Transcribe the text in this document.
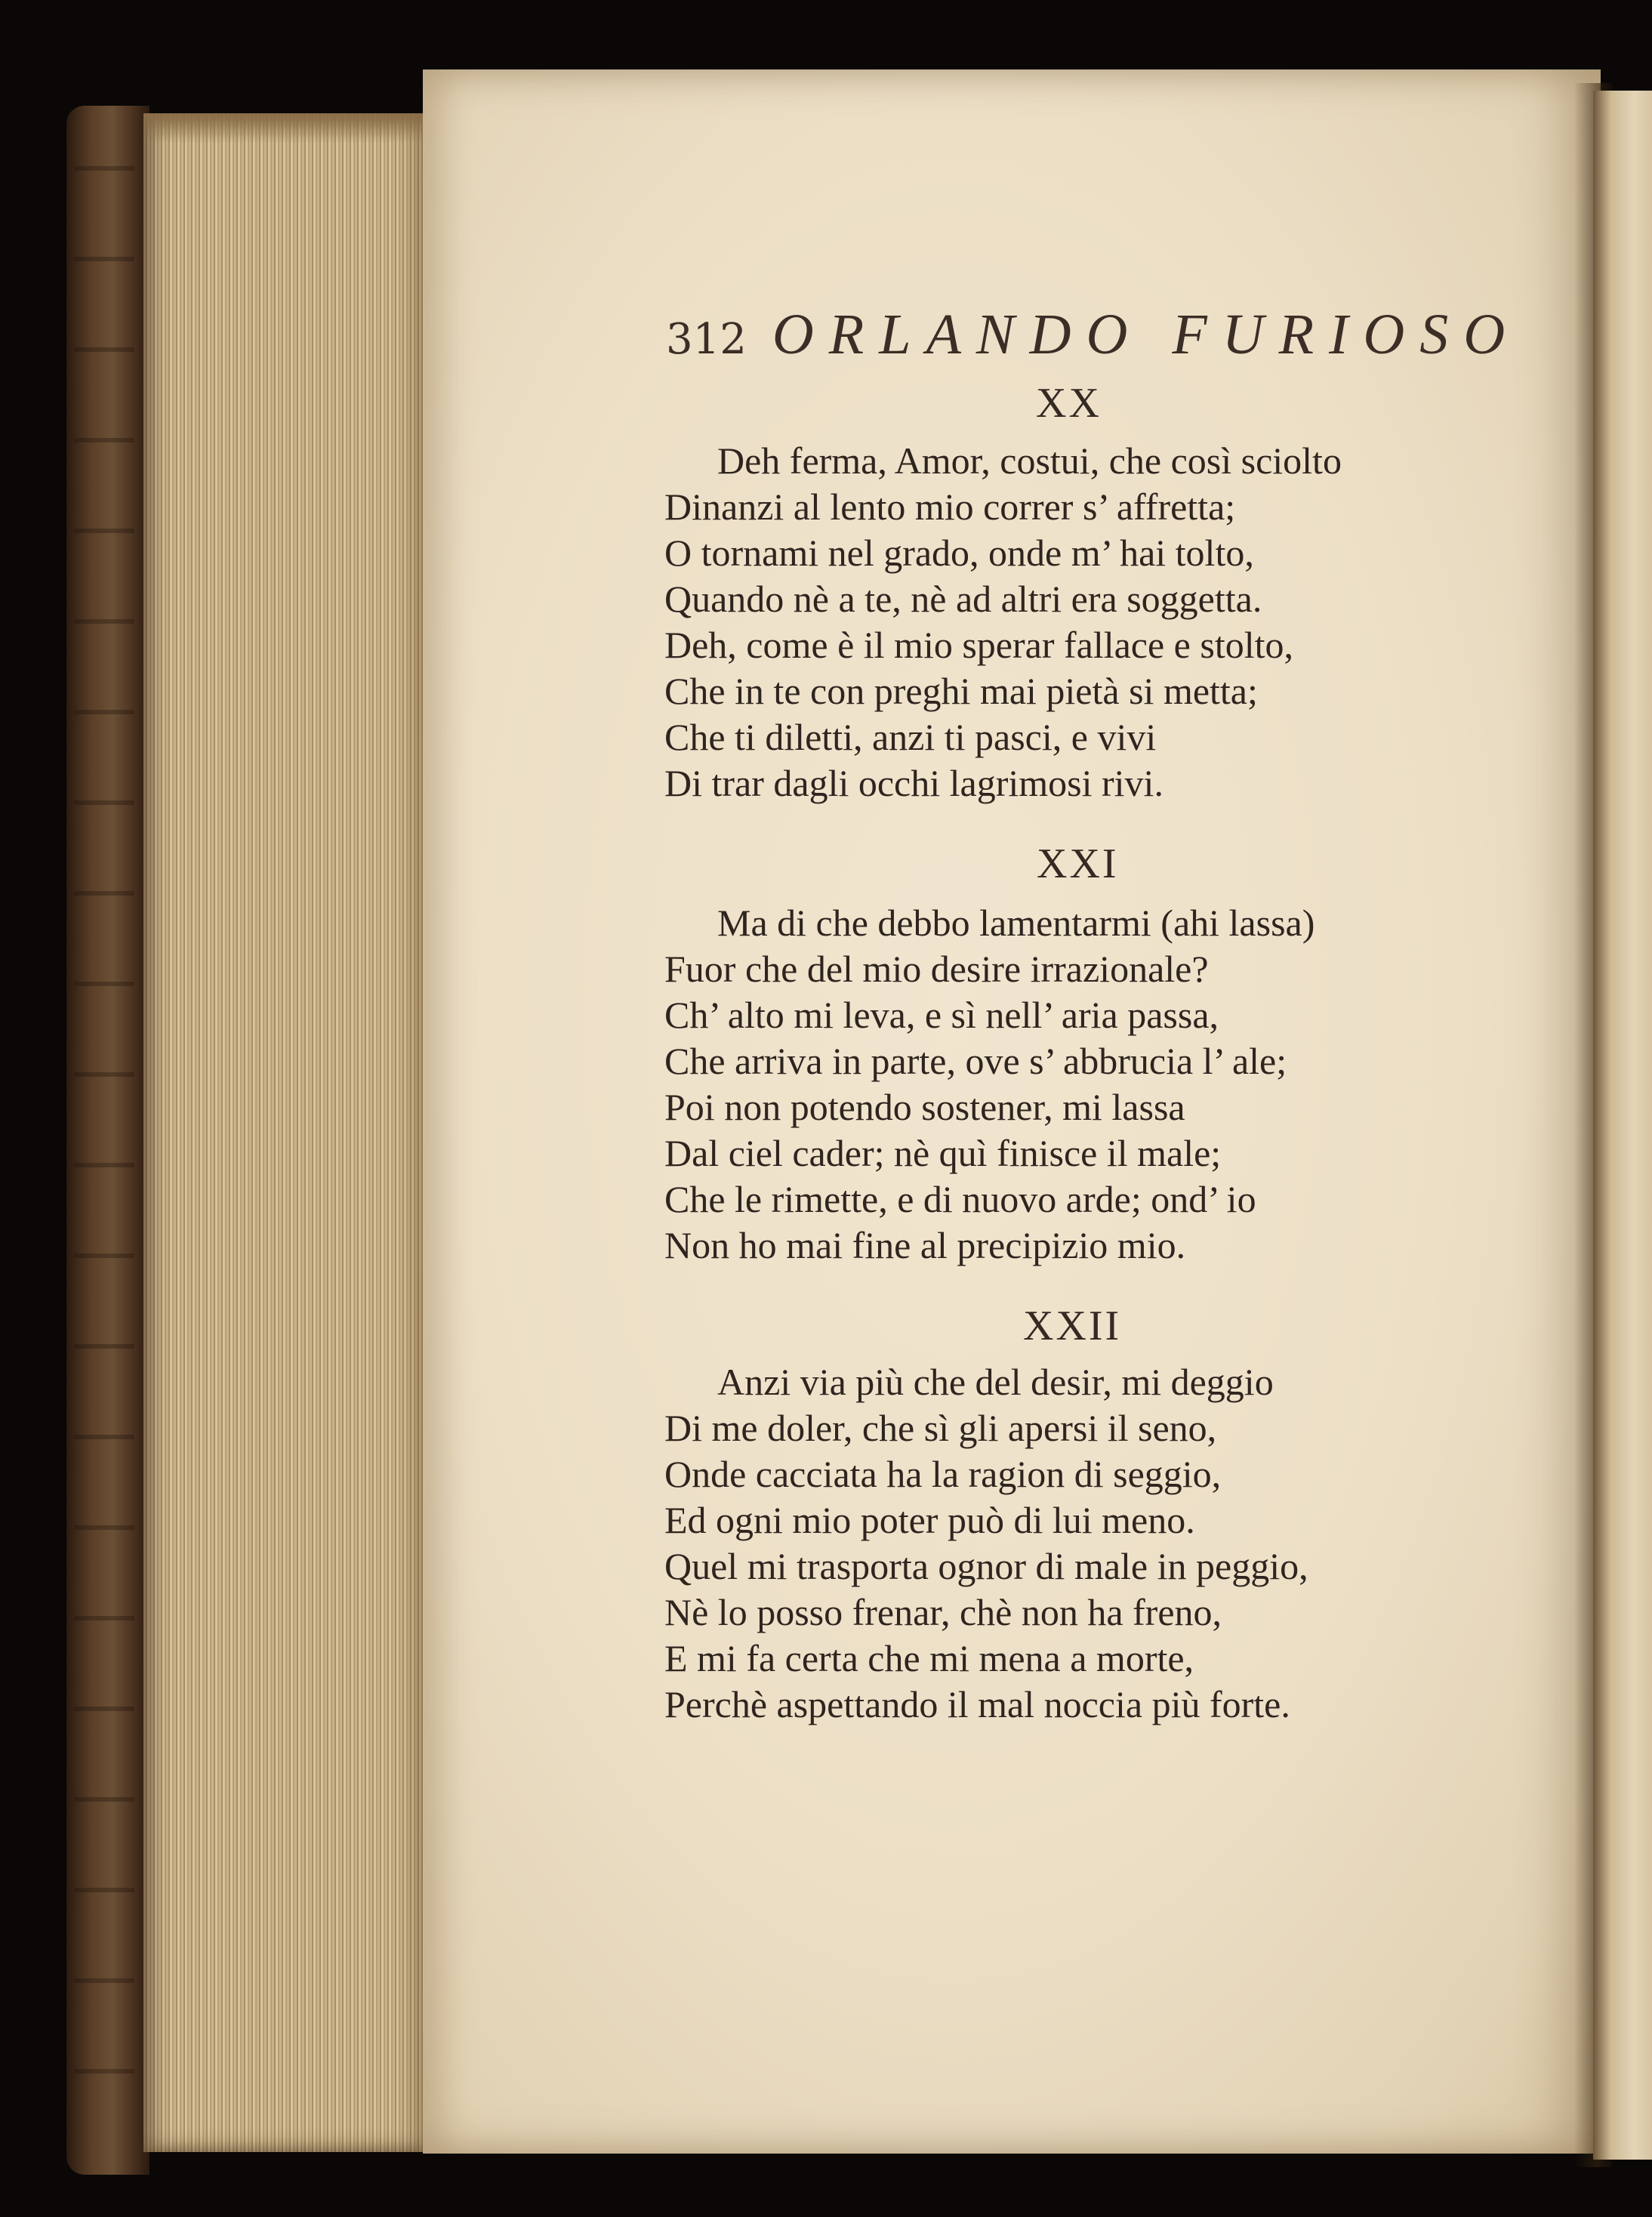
312 ORLANDO FURIOSO
XX
Deh ferma, Amor, costui, che così sciolto
Dinanzi al lento mio correr s’ affretta;
O tornami nel grado, onde m’ hai tolto,
Quando nè a te, nè ad altri era soggetta.
Deh, come è il mio sperar fallace e stolto,
Che in te con preghi mai pietà si metta;
Che ti diletti, anzi ti pasci, e vivi
Di trar dagli occhi lagrimosi rivi.
XXI
Ma di che debbo lamentarmi (ahi lassa)
Fuor che del mio desire irrazionale?
Ch’ alto mi leva, e sì nell’ aria passa,
Che arriva in parte, ove s’ abbrucia l’ ale;
Poi non potendo sostener, mi lassa
Dal ciel cader; nè quì finisce il male;
Che le rimette, e di nuovo arde; ond’ io
Non ho mai fine al precipizio mio.
XXII
Anzi via più che del desir, mi deggio
Di me doler, che sì gli apersi il seno,
Onde cacciata ha la ragion di seggio,
Ed ogni mio poter può di lui meno.
Quel mi trasporta ognor di male in peggio,
Nè lo posso frenar, chè non ha freno,
E mi fa certa che mi mena a morte,
Perchè aspettando il mal noccia più forte.
